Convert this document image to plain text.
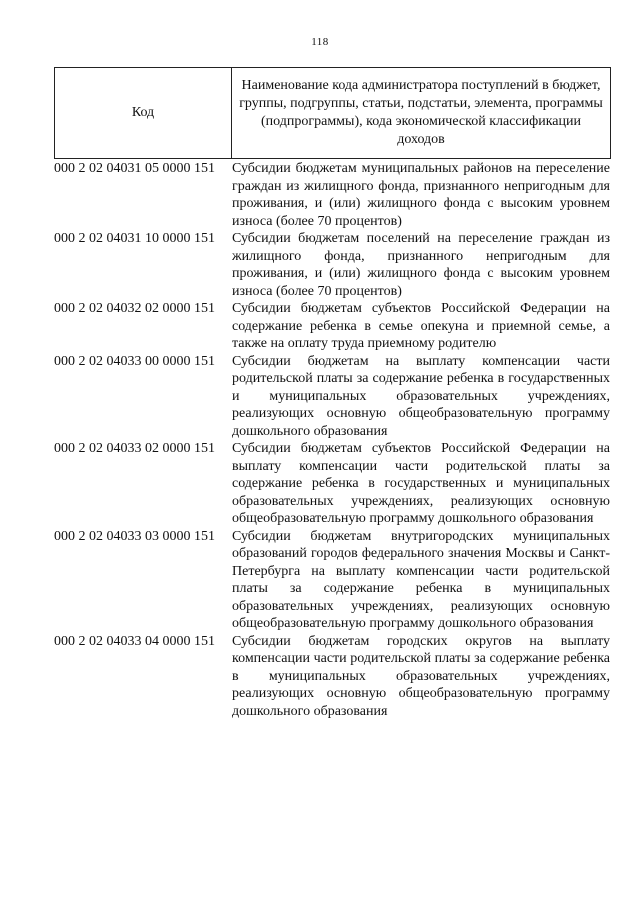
118
Код	Наименование кода администратора поступлений в бюджет, группы, подгруппы, статьи, подстатьи, элемента, программы (подпрограммы), кода экономической классификации доходов
000 2 02 04031 05 0000 151	Субсидии бюджетам муниципальных районов на переселение граждан из жилищного фонда, признанного непригодным для проживания, и (или) жилищного фонда с высоким уровнем износа (более 70 процентов)
000 2 02 04031 10 0000 151	Субсидии бюджетам поселений на переселение граждан из жилищного фонда, признанного непригодным для проживания, и (или) жилищного фонда с высоким уровнем износа (более 70 процентов)
000 2 02 04032 02 0000 151	Субсидии бюджетам субъектов Российской Федерации на содержание ребенка в семье опекуна и приемной семье, а также на оплату труда приемному родителю
000 2 02 04033 00 0000 151	Субсидии бюджетам на выплату компенсации части родительской платы за содержание ребенка в государственных и муниципальных образовательных учреждениях, реализующих основную общеобразовательную программу дошкольного образования
000 2 02 04033 02 0000 151	Субсидии бюджетам субъектов Российской Федерации на выплату компенсации части родительской платы за содержание ребенка в государственных и муниципальных образовательных учреждениях, реализующих основную общеобразовательную программу дошкольного образования
000 2 02 04033 03 0000 151	Субсидии бюджетам внутригородских муниципальных образований городов федерального значения Москвы и Санкт-Петербурга на выплату компенсации части родительской платы за содержание ребенка в муниципальных образовательных учреждениях, реализующих основную общеобразовательную программу дошкольного образования
000 2 02 04033 04 0000 151	Субсидии бюджетам городских округов на выплату компенсации части родительской платы за содержание ребенка в муниципальных образовательных учреждениях, реализующих основную общеобразовательную программу дошкольного образования
